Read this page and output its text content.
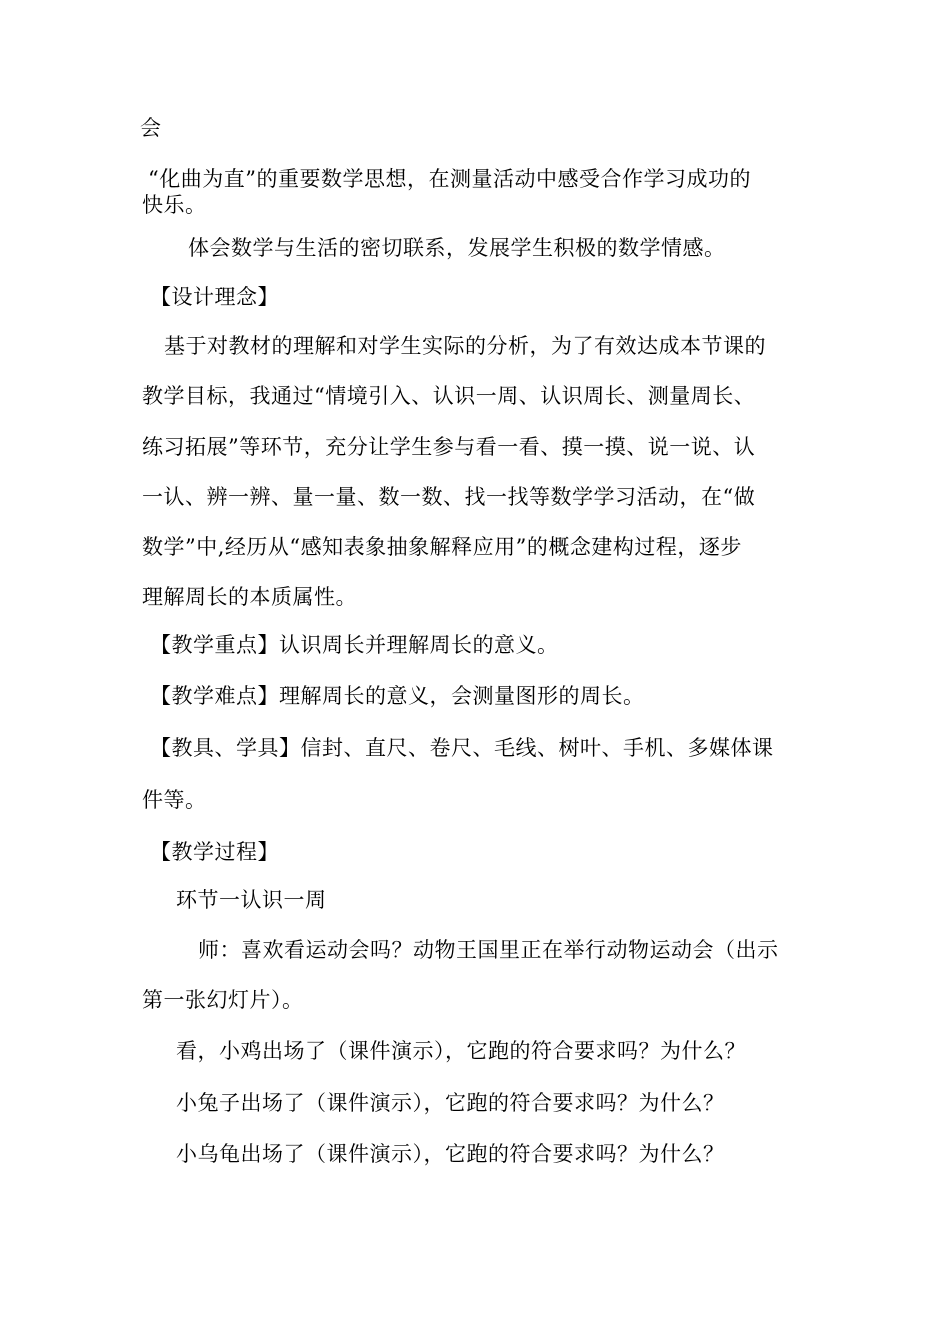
会
“化曲为直”的重要数学思想，在测量活动中感受合作学习成功的
快乐。
体会数学与生活的密切联系，发展学生积极的数学情感。
【设计理念】
基于对教材的理解和对学生实际的分析，为了有效达成本节课的
教学目标，我通过“情境引入、认识一周、认识周长、测量周长、
练习拓展”等环节，充分让学生参与看一看、摸一摸、说一说、认
一认、辨一辨、量一量、数一数、找一找等数学学习活动，在“做
数学”中,经历从“感知表象抽象解释应用”的概念建构过程，逐步
理解周长的本质属性。
【教学重点】认识周长并理解周长的意义。
【教学难点】理解周长的意义，会测量图形的周长。
【教具、学具】信封、直尺、卷尺、毛线、树叶、手机、多媒体课
件等。
【教学过程】
环节一认识一周
师：喜欢看运动会吗？动物王国里正在举行动物运动会（出示
第一张幻灯片）。
看，小鸡出场了（课件演示），它跑的符合要求吗？为什么？
小兔子出场了（课件演示），它跑的符合要求吗？为什么？
小乌龟出场了（课件演示），它跑的符合要求吗？为什么？
